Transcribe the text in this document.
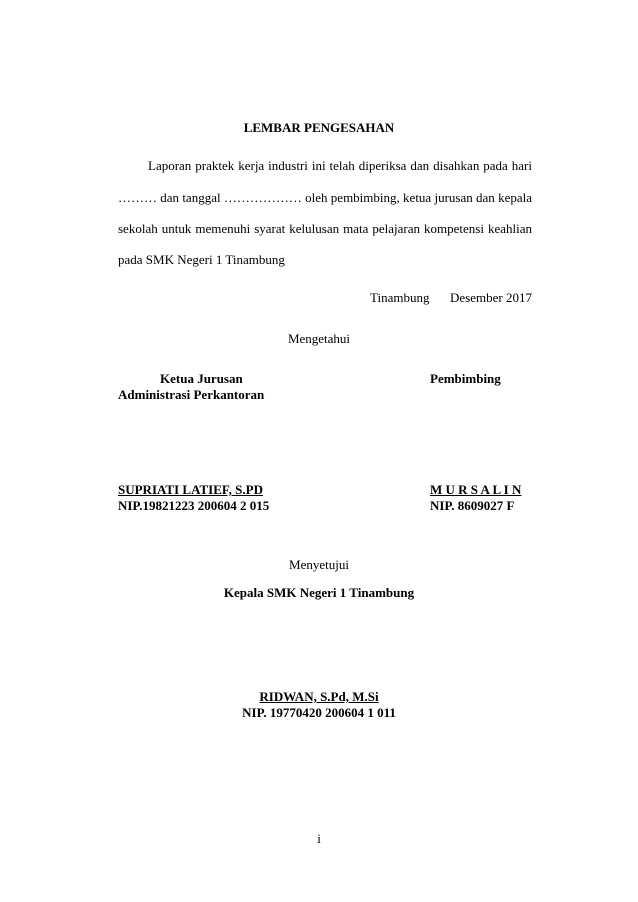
LEMBAR PENGESAHAN
Laporan praktek kerja industri ini telah diperiksa dan disahkan pada hari
……… dan tanggal ……………… oleh pembimbing, ketua jurusan dan kepala
sekolah untuk memenuhi syarat kelulusan mata pelajaran kompetensi keahlian
pada SMK Negeri 1 Tinambung
Tinambung Desember 2017
Mengetahui
Ketua Jurusan
Administrasi Perkantoran
Pembimbing
SUPRIATI LATIEF, S.PD
NIP.19821223 200604 2 015
M U R S A L I N
NIP. 8609027 F
Menyetujui
Kepala SMK Negeri 1 Tinambung
RIDWAN, S.Pd, M.Si
NIP. 19770420 200604 1 011
i
